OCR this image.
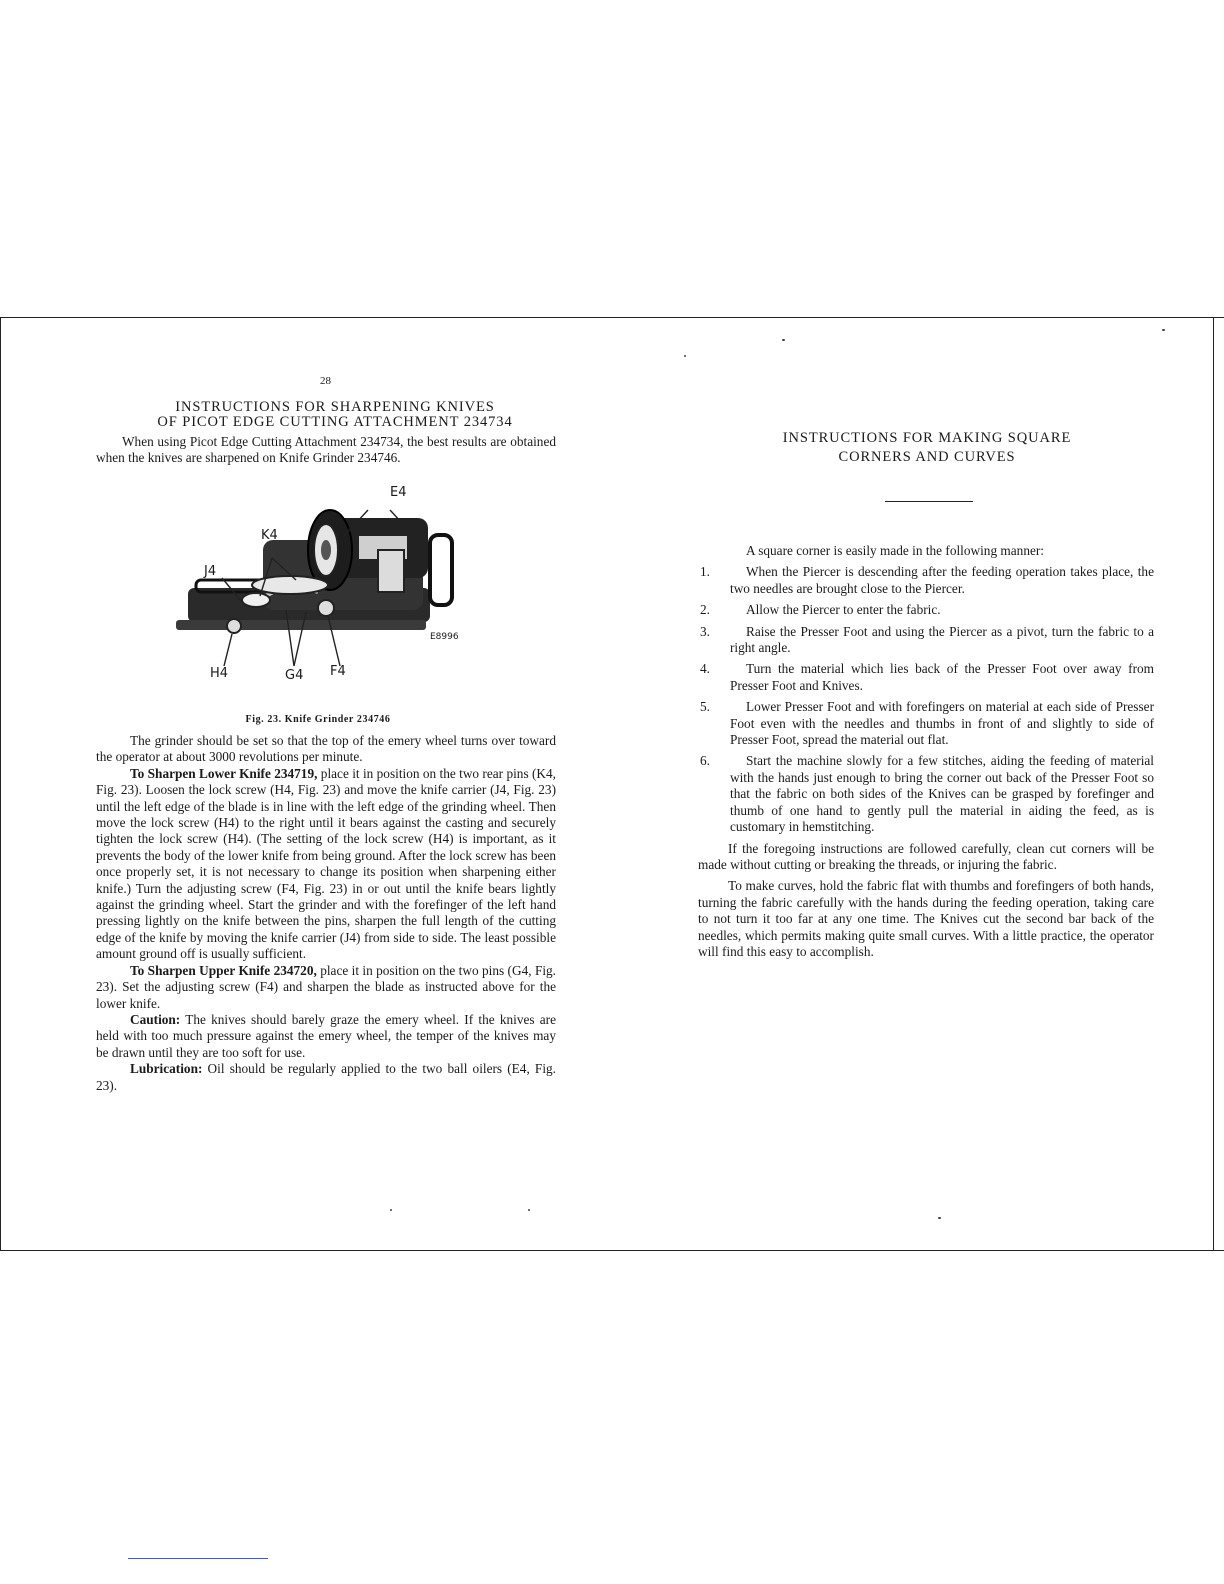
28
INSTRUCTIONS FOR SHARPENING KNIVES
OF PICOT EDGE CUTTING ATTACHMENT 234734
When using Picot Edge Cutting Attachment 234734, the best results are obtained when the knives are sharpened on Knife Grinder 234746.
E4
K4
J4
H4	G4 F4
E8996
Fig. 23. Knife Grinder 234746

The grinder should be set so that the top of the emery wheel turns over toward the operator at about 3000 revolutions per minute.

To Sharpen Lower Knife 234719, place it in position on the two rear pins (K4, Fig. 23). Loosen the lock screw (H4, Fig. 23) and move the knife carrier (J4, Fig. 23) until the left edge of the blade is in line with the left edge of the grinding wheel. Then move the lock screw (H4) to the right until it bears against the casting and securely tighten the lock screw (H4). (The setting of the lock screw (H4) is important, as it prevents the body of the lower knife from being ground. After the lock screw has been once properly set, it is not necessary to change its position when sharpening either knife.) Turn the adjusting screw (F4, Fig. 23) in or out until the knife bears lightly against the grinding wheel. Start the grinder and with the forefinger of the left hand pressing lightly on the knife between the pins, sharpen the full length of the cutting edge of the knife by moving the knife carrier (J4) from side to side. The least possible amount ground off is usually sufficient.

To Sharpen Upper Knife 234720, place it in position on the two pins (G4, Fig. 23). Set the adjusting screw (F4) and sharpen the blade as instructed above for the lower knife.

Caution: The knives should barely graze the emery wheel. If the knives are held with too much pressure against the emery wheel, the temper of the knives may be drawn until they are too soft for use.

Lubrication: Oil should be regularly applied to the two ball oilers (E4, Fig. 23).

INSTRUCTIONS FOR MAKING SQUARE
CORNERS AND CURVES

A square corner is easily made in the following manner:

1.	When the Piercer is descending after the feeding operation takes place, the two needles are brought close to the Piercer.
2.	Allow the Piercer to enter the fabric.
3.	Raise the Presser Foot and using the Piercer as a pivot, turn the fabric to a right angle.
4.	Turn the material which lies back of the Presser Foot over away from Presser Foot and Knives.
5.	Lower Presser Foot and with forefingers on material at each side of Presser Foot even with the needles and thumbs in front of and slightly to side of Presser Foot, spread the material out flat.
6.	Start the machine slowly for a few stitches, aiding the feeding of material with the hands just enough to bring the corner out back of the Presser Foot so that the fabric on both sides of the Knives can be grasped by forefinger and thumb of one hand to gently pull the material in aiding the feed, as is customary in hemstitching.

If the foregoing instructions are followed carefully, clean cut corners will be made without cutting or breaking the threads, or injuring the fabric.

To make curves, hold the fabric flat with thumbs and forefingers of both hands, turning the fabric carefully with the hands during the feeding operation, taking care to not turn it too far at any one time. The Knives cut the second bar back of the needles, which permits making quite small curves. With a little practice, the operator will find this easy to accomplish.
